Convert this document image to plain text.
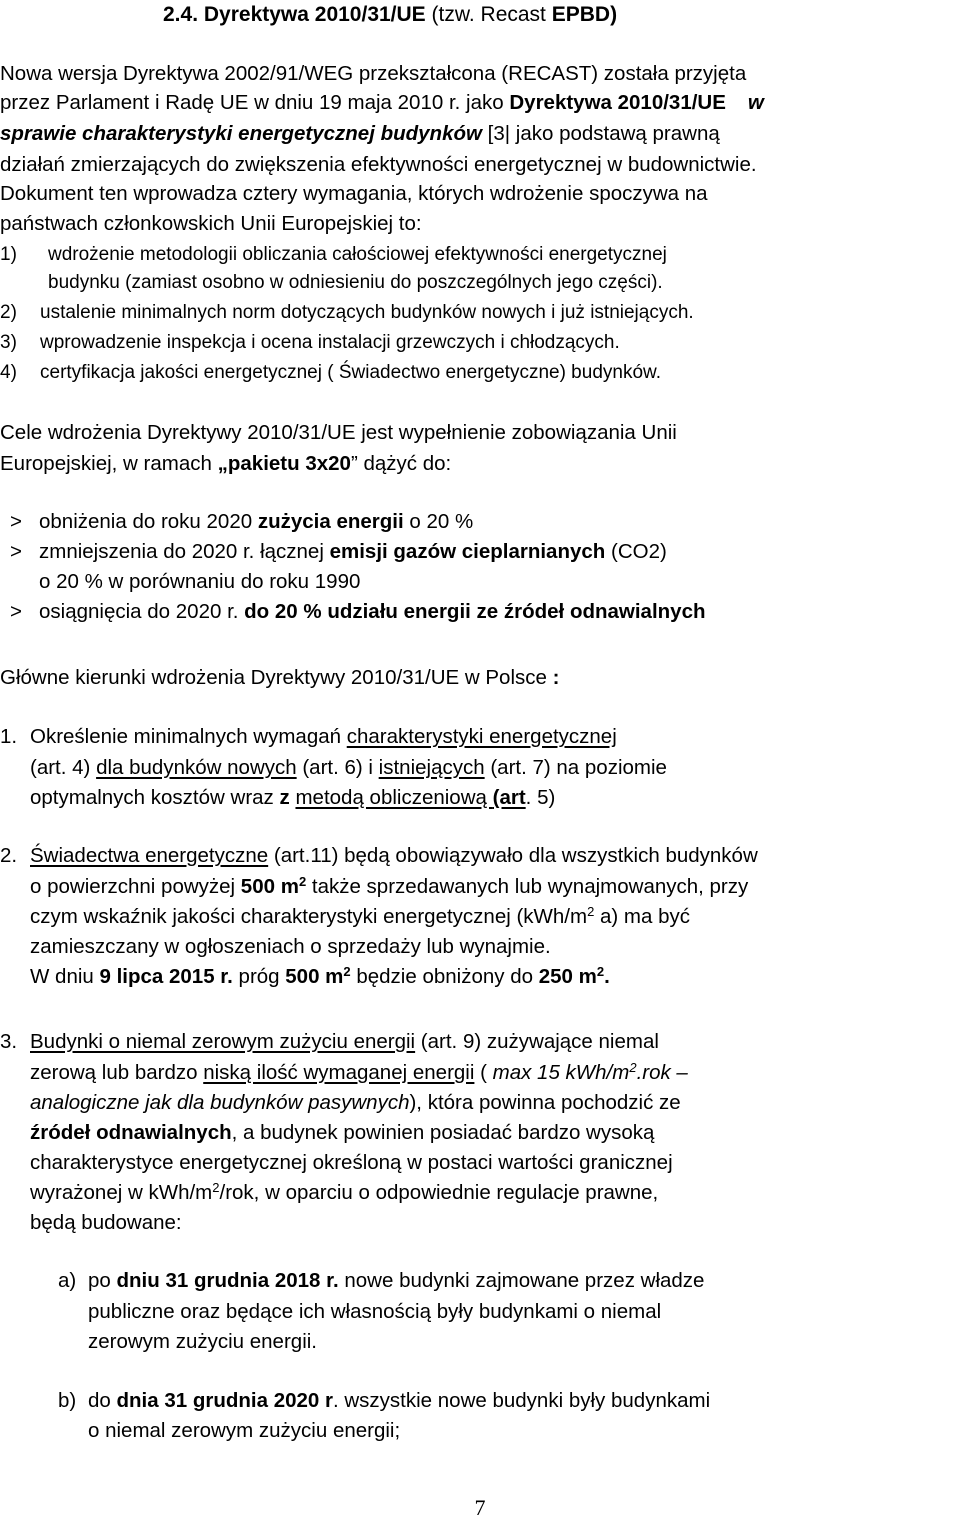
2.4. Dyrektywa 2010/31/UE (tzw. Recast EPBD)
Nowa wersja Dyrektywa 2002/91/WEG przekształcona (RECAST) została przyjęta
przez Parlament i Radę UE w dniu 19 maja 2010 r. jako Dyrektywa 2010/31/UE w
sprawie charakterystyki energetycznej budynków [3| jako podstawą prawną
działań zmierzających do zwiększenia efektywności energetycznej w budownictwie.
Dokument ten wprowadza cztery wymagania, których wdrożenie spoczywa na
państwach członkowskich Unii Europejskiej to:
1) wdrożenie metodologii obliczania całościowej efektywności energetycznej
budynku (zamiast osobno w odniesieniu do poszczególnych jego części).
2) ustalenie minimalnych norm dotyczących budynków nowych i już istniejących.
3) wprowadzenie inspekcja i ocena instalacji grzewczych i chłodzących.
4) certyfikacja jakości energetycznej ( Świadectwo energetyczne) budynków.
Cele wdrożenia Dyrektywy 2010/31/UE jest wypełnienie zobowiązania Unii
Europejskiej, w ramach „pakietu 3x20” dążyć do:
> obniżenia do roku 2020 zużycia energii o 20 %
> zmniejszenia do 2020 r. łącznej emisji gazów cieplarnianych (CO2)
o 20 % w porównaniu do roku 1990
> osiągnięcia do 2020 r. do 20 % udziału energii ze źródeł odnawialnych
Główne kierunki wdrożenia Dyrektywy 2010/31/UE w Polsce :
1. Określenie minimalnych wymagań charakterystyki energetycznej
(art. 4) dla budynków nowych (art. 6) i istniejących (art. 7) na poziomie
optymalnych kosztów wraz z metodą obliczeniową (art. 5)
2. Świadectwa energetyczne (art.11) będą obowiązywało dla wszystkich budynków
o powierzchni powyżej 500 $m^2$ także sprzedawanych lub wynajmowanych, przy
czym wskaźnik jakości charakterystyki energetycznej ($kWh/m^2$ a) ma być
zamieszczany w ogłoszeniach o sprzedaży lub wynajmie.
W dniu 9 lipca 2015 r. próg 500 $m^2$ będzie obniżony do 250 $m^2$.
3. Budynki o niemal zerowym zużyciu energii (art. 9) zużywające niemal
zerową lub bardzo niską ilość wymaganej energii ( max 15 kWh/$m^2.rok$ –
analogiczne jak dla budynków pasywnych), która powinna pochodzić ze
źródeł odnawialnych, a budynek powinien posiadać bardzo wysoką
charakterystyce energetycznej określoną w postaci wartości granicznej
wyrażonej w kWh/$m^2$/rok, w oparciu o odpowiednie regulacje prawne,
będą budowane:
a) po dniu 31 grudnia 2018 r. nowe budynki zajmowane przez władze
publiczne oraz będące ich własnością były budynkami o niemal
zerowym zużyciu energii.
b) do dnia 31 grudnia 2020 r. wszystkie nowe budynki były budynkami
o niemal zerowym zużyciu energii;
7
